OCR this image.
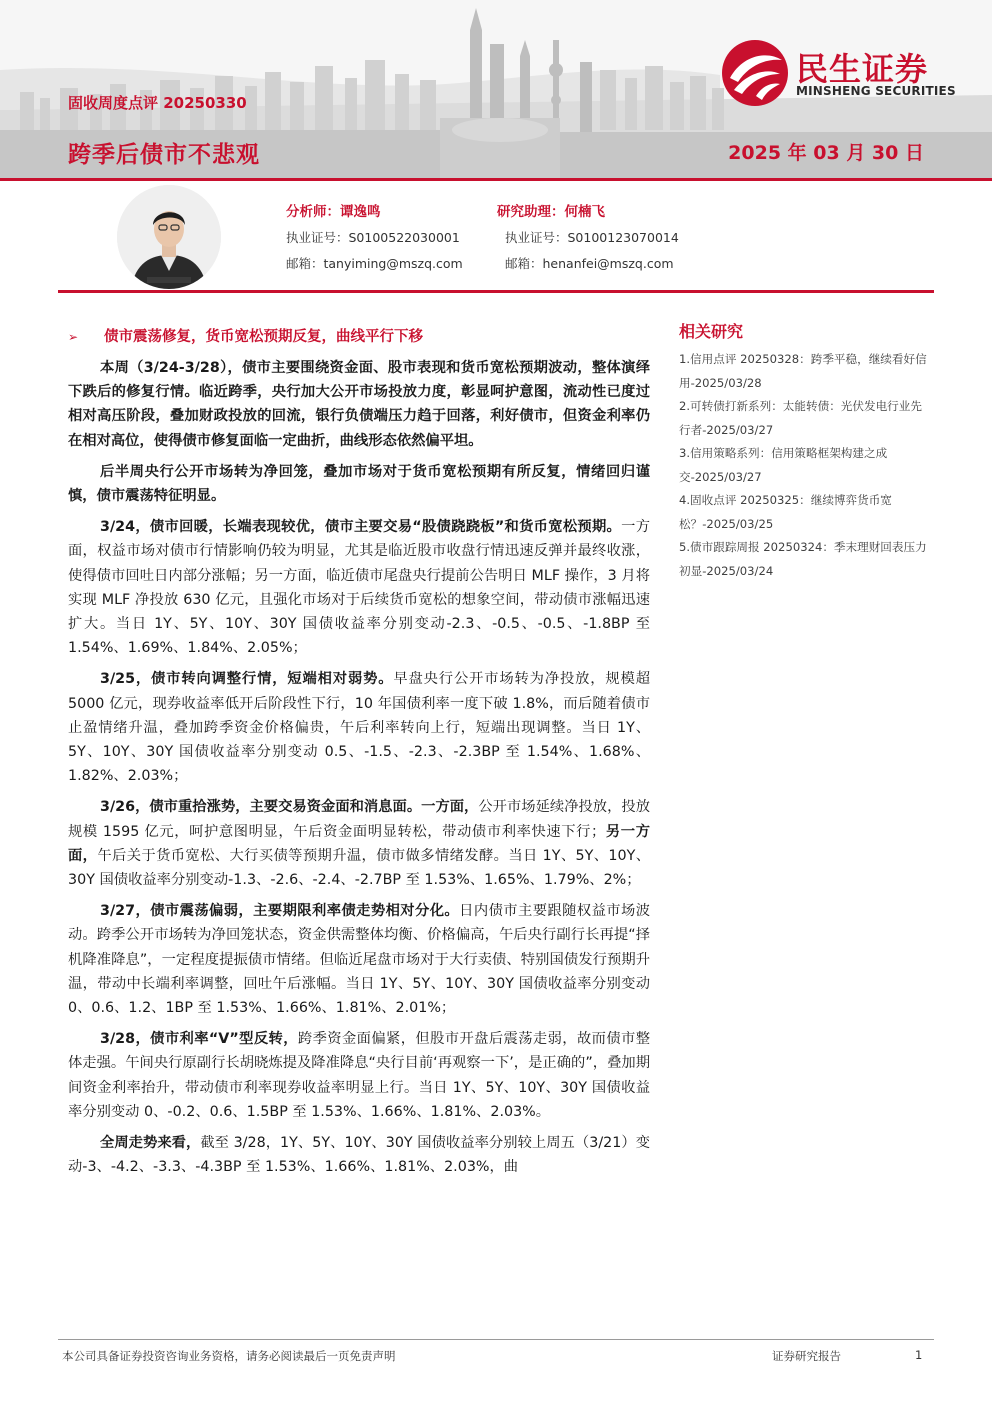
固收周度点评 20250330
跨季后债市不悲观	2025 年 03 月 30 日
民生证券
MINSHENG SECURITIES
分析师：谭逸鸣
执业证号：S0100522030001
邮箱：tanyiming@mszq.com
研究助理：何楠飞
执业证号：S0100123070014
邮箱：henanfei@mszq.com
➢ 债市震荡修复，货币宽松预期反复，曲线平行下移

本周（3/24-3/28），债市主要围绕资金面、股市表现和货币宽松预期波动，整体演绎下跌后的修复行情。临近跨季，央行加大公开市场投放力度，彰显呵护意图，流动性已度过相对高压阶段，叠加财政投放的回流，银行负债端压力趋于回落，利好债市，但资金利率仍在相对高位，使得债市修复面临一定曲折，曲线形态依然偏平坦。

后半周央行公开市场转为净回笼，叠加市场对于货币宽松预期有所反复，情绪回归谨慎，债市震荡特征明显。

3/24，债市回暖，长端表现较优，债市主要交易“股债跷跷板”和货币宽松预期。一方面，权益市场对债市行情影响仍较为明显，尤其是临近股市收盘行情迅速反弹并最终收涨，使得债市回吐日内部分涨幅；另一方面，临近债市尾盘央行提前公告明日 MLF 操作，3 月将实现 MLF 净投放 630 亿元，且强化市场对于后续货币宽松的想象空间，带动债市涨幅迅速扩大。当日 1Y、5Y、10Y、30Y 国债收益率分别变动-2.3、-0.5、-0.5、-1.8BP 至 1.54%、1.69%、1.84%、2.05%；

3/25，债市转向调整行情，短端相对弱势。早盘央行公开市场转为净投放，规模超 5000 亿元，现券收益率低开后阶段性下行，10 年国债利率一度下破 1.8%，而后随着债市止盈情绪升温，叠加跨季资金价格偏贵，午后利率转向上行，短端出现调整。当日 1Y、5Y、10Y、30Y 国债收益率分别变动 0.5、-1.5、-2.3、-2.3BP 至 1.54%、1.68%、1.82%、2.03%；

3/26，债市重拾涨势，主要交易资金面和消息面。一方面，公开市场延续净投放，投放规模 1595 亿元，呵护意图明显，午后资金面明显转松，带动债市利率快速下行；另一方面，午后关于货币宽松、大行买债等预期升温，债市做多情绪发酵。当日 1Y、5Y、10Y、30Y 国债收益率分别变动-1.3、-2.6、-2.4、-2.7BP 至 1.53%、1.65%、1.79%、2%；

3/27，债市震荡偏弱，主要期限利率债走势相对分化。日内债市主要跟随权益市场波动。跨季公开市场转为净回笼状态，资金供需整体均衡、价格偏高，午后央行副行长再提“择机降准降息”，一定程度提振债市情绪。但临近尾盘市场对于大行卖债、特别国债发行预期升温，带动中长端利率调整，回吐午后涨幅。当日 1Y、5Y、10Y、30Y 国债收益率分别变动 0、0.6、1.2、1BP 至 1.53%、1.66%、1.81%、2.01%；

3/28，债市利率“V”型反转，跨季资金面偏紧，但股市开盘后震荡走弱，故而债市整体走强。午间央行原副行长胡晓炼提及降准降息“央行目前‘再观察一下’，是正确的”，叠加期间资金利率抬升，带动债市利率现券收益率明显上行。当日 1Y、5Y、10Y、30Y 国债收益率分别变动 0、-0.2、0.6、1.5BP 至 1.53%、1.66%、1.81%、2.03%。

全周走势来看，截至 3/28，1Y、5Y、10Y、30Y 国债收益率分别较上周五（3/21）变动-3、-4.2、-3.3、-4.3BP 至 1.53%、1.66%、1.81%、2.03%，曲

相关研究
1.信用点评 20250328：跨季平稳，继续看好信用-2025/03/28
2.可转债打新系列：太能转债：光伏发电行业先行者-2025/03/27
3.信用策略系列：信用策略框架构建之成交-2025/03/27
4.固收点评 20250325：继续博弈货币宽松？-2025/03/25
5.债市跟踪周报 20250324：季末理财回表压力初显-2025/03/24
本公司具备证券投资咨询业务资格，请务必阅读最后一页免责声明	证券研究报告	1
